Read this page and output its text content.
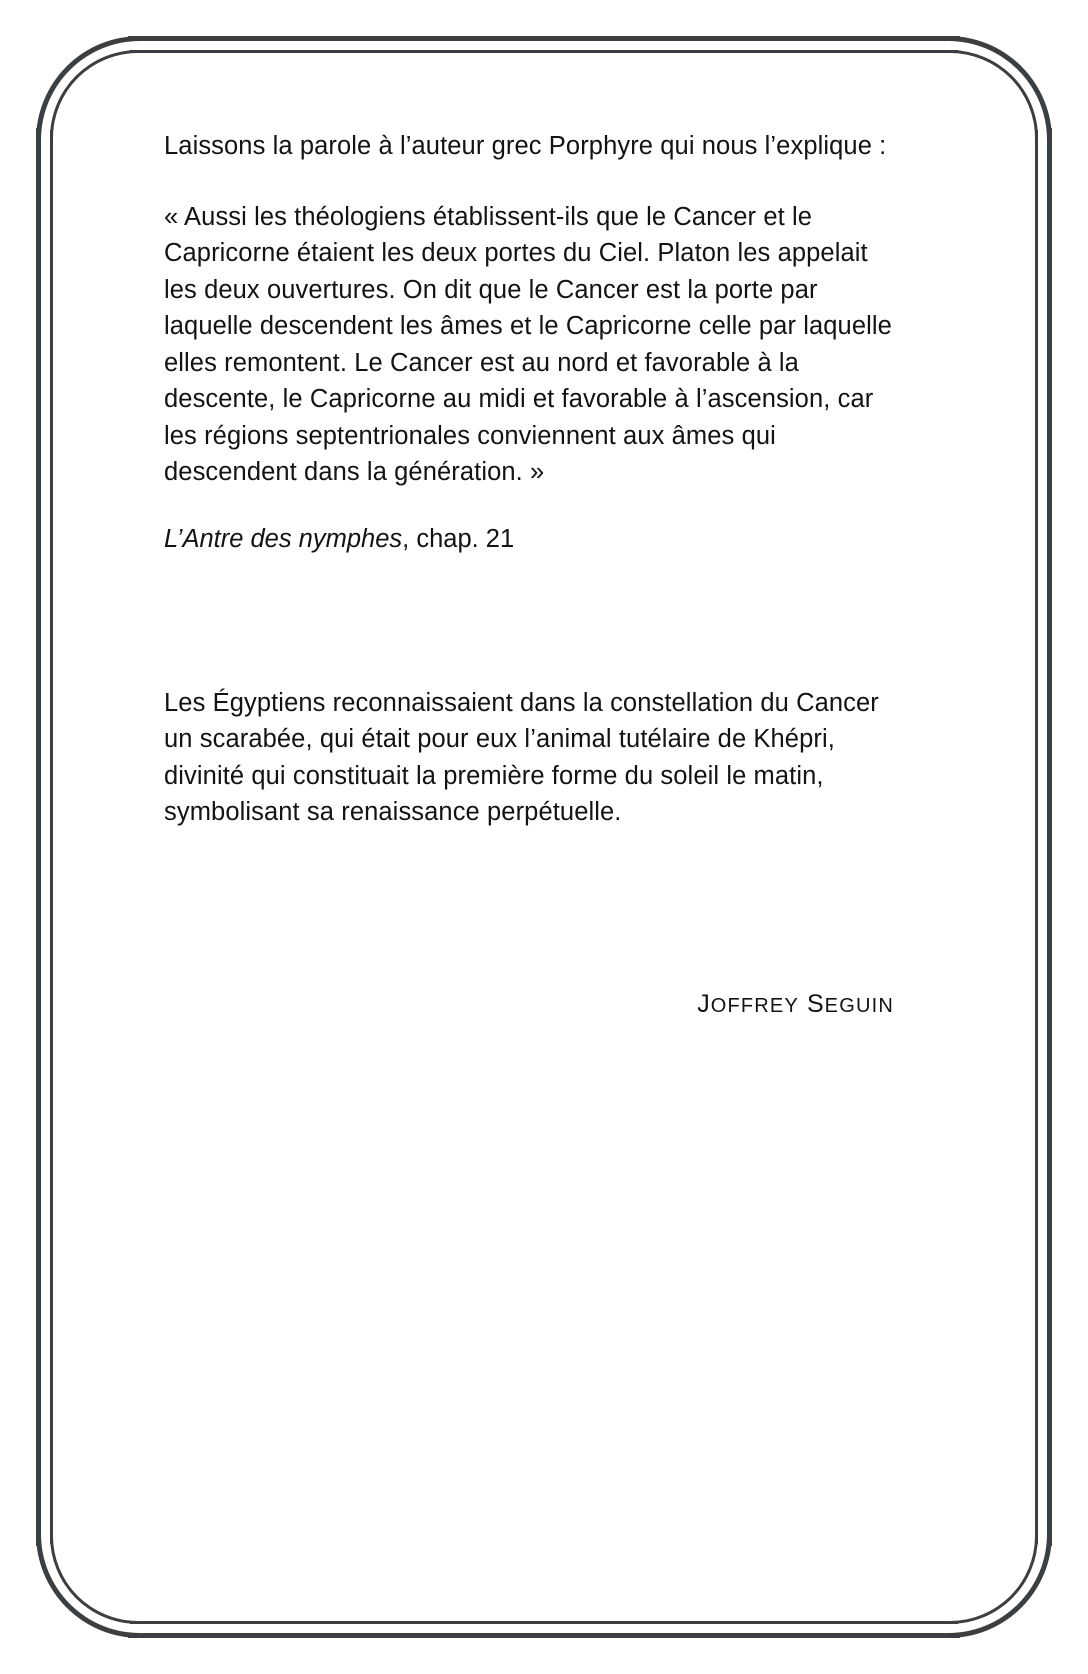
Laissons la parole à l’auteur grec Porphyre qui nous l’explique :

« Aussi les théologiens établissent-ils que le Cancer et le Capricorne étaient les deux portes du Ciel. Platon les appelait les deux ouvertures. On dit que le Cancer est la porte par laquelle descendent les âmes et le Capricorne celle par laquelle elles remontent. Le Cancer est au nord et favorable à la descente, le Capricorne au midi et favorable à l’ascension, car les régions septentrionales conviennent aux âmes qui descendent dans la génération. »

L’Antre des nymphes, chap. 21

Les Égyptiens reconnaissaient dans la constellation du Cancer un scarabée, qui était pour eux l’animal tutélaire de Khépri, divinité qui constituait la première forme du soleil le matin, symbolisant sa renaissance perpétuelle.

JOFFREY SEGUIN
